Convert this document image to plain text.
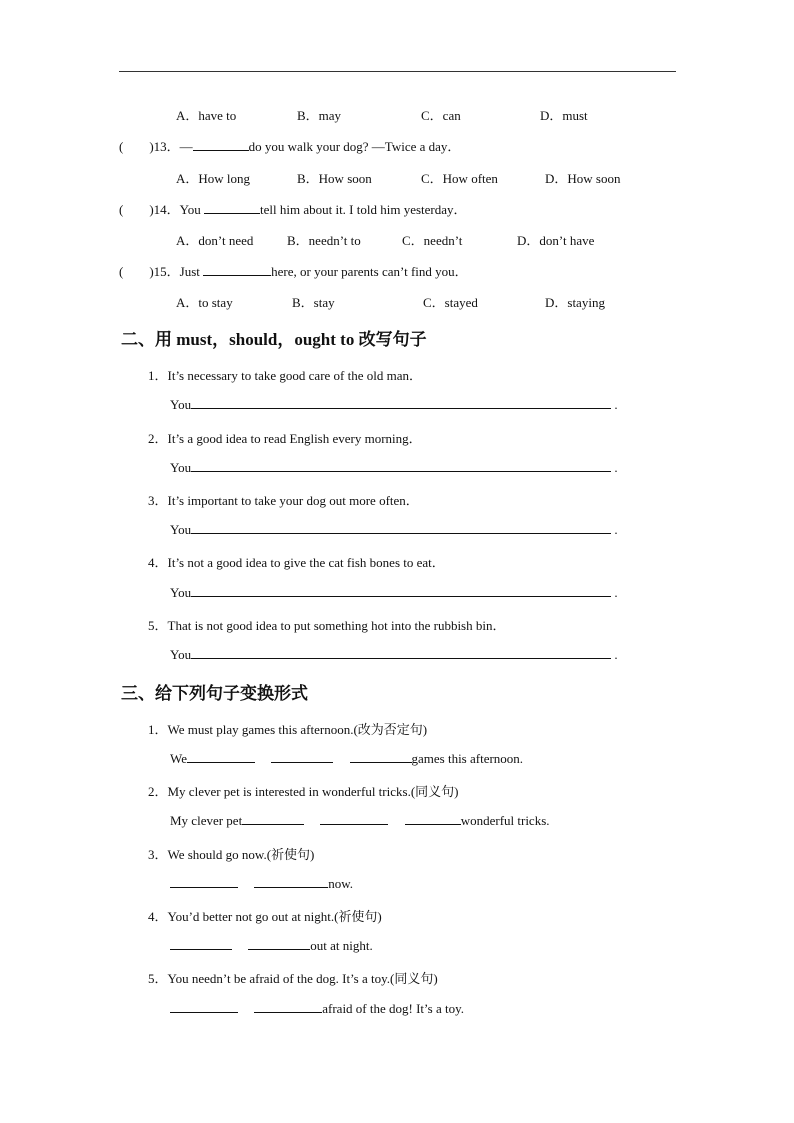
A．have to	B．may	C．can	D．must
(　　)13．—	do you walk your dog? —Twice a day．
A．How long	B．How soon	C．How often	D．How soon
(　　)14．You	tell him about it. I told him yesterday．
A．don’t need	B．needn’t to	C．needn’t	D．don’t have
(　　)15．Just	here, or your parents can’t find you．
A．to stay	B．stay	C．stayed	D．staying
二、用 must，should，ought to 改写句子
1．It’s necessary to take good care of the old man．
You	.
2．It’s a good idea to read English every morning．
You	.
3．It’s important to take your dog out more often．
You	.
4．It’s not a good idea to give the cat fish bones to eat．
You	.
5．That is not good idea to put something hot into the rubbish bin．
You	.
三、给下列句子变换形式
1．We must play games this afternoon.(改为否定句)
We	games this afternoon.
2．My clever pet is interested in wonderful tricks.(同义句)
My clever pet	wonderful tricks.
3．We should go now.(祈使句)
now.
4．You’d better not go out at night.(祈使句)
out at night.
5．You needn’t be afraid of the dog. It’s a toy.(同义句)
afraid of the dog! It’s a toy.
